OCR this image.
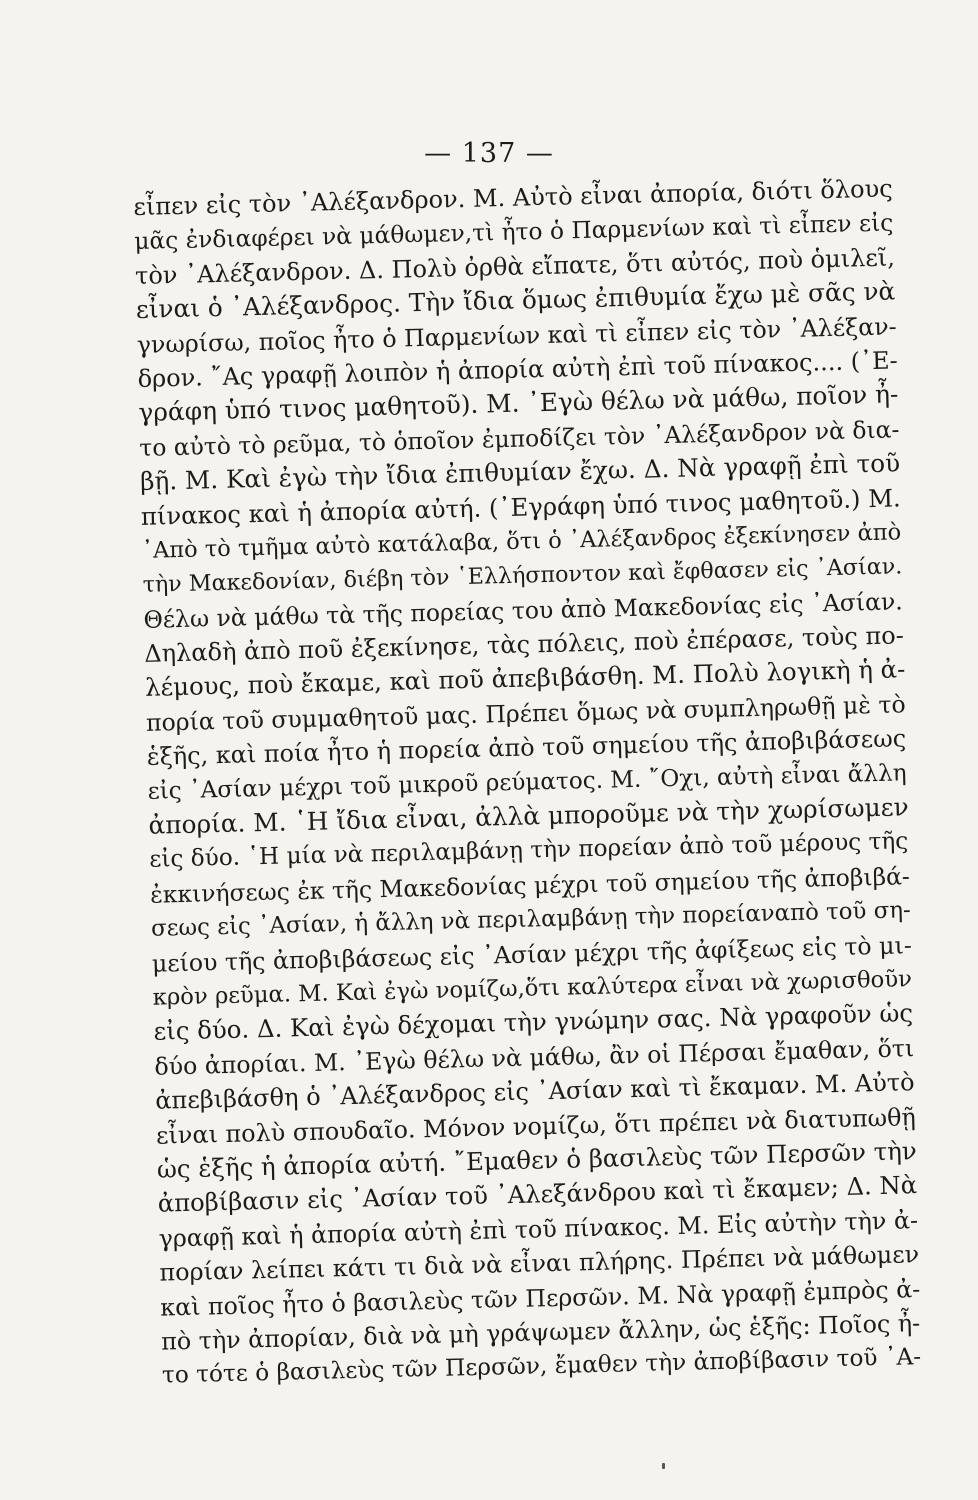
— 137 —
εἶπεν εἰς τὸν ᾿Αλέξανδρον. Μ. Αὐτὸ εἶναι ἀπορία, διότι ὅλους
μᾶς ἐνδιαφέρει νὰ μάθωμεν,τὶ ἦτο ὁ Παρμενίων καὶ τὶ εἶπεν εἰς
τὸν ᾿Αλέξανδρον. Δ. Πολὺ ὀρθὰ εἴπατε, ὅτι αὐτός, ποὺ ὁμιλεῖ,
εἶναι ὁ ᾿Αλέξανδρος. Τὴν ἴδια ὅμως ἐπιθυμία ἔχω μὲ σᾶς νὰ
γνωρίσω, ποῖος ἦτο ὁ Παρμενίων καὶ τὶ εἶπεν εἰς τὸν ᾿Αλέξαν-
δρον. ῎Ας γραφῇ λοιπὸν ἡ ἀπορία αὐτὴ ἐπὶ τοῦ πίνακος.... (᾿Ε-
γράφη ὑπό τινος μαθητοῦ). Μ. ᾿Εγὼ θέλω νὰ μάθω, ποῖον ἦ-
το αὐτὸ τὸ ρεῦμα, τὸ ὁποῖον ἐμποδίζει τὸν ᾿Αλέξανδρον νὰ δια-
βῇ. Μ. Καὶ ἐγὼ τὴν ἴδια ἐπιθυμίαν ἔχω. Δ. Νὰ γραφῇ ἐπὶ τοῦ
πίνακος καὶ ἡ ἀπορία αὐτή. (᾿Εγράφη ὑπό τινος μαθητοῦ.) Μ.
᾿Απὸ τὸ τμῆμα αὐτὸ κατάλαβα, ὅτι ὁ ᾿Αλέξανδρος ἐξεκίνησεν ἀπὸ
τὴν Μακεδονίαν, διέβη τὸν ῾Ελλήσποντον καὶ ἔφθασεν εἰς ᾿Ασίαν.
Θέλω νὰ μάθω τὰ τῆς πορείας του ἀπὸ Μακεδονίας εἰς ᾿Ασίαν.
Δηλαδὴ ἀπὸ ποῦ ἐξεκίνησε, τὰς πόλεις, ποὺ ἐπέρασε, τοὺς πο-
λέμους, ποὺ ἔκαμε, καὶ ποῦ ἀπεβιβάσθη. Μ. Πολὺ λογικὴ ἡ ἀ-
πορία τοῦ συμμαθητοῦ μας. Πρέπει ὅμως νὰ συμπληρωθῇ μὲ τὸ
ἑξῆς, καὶ ποία ἦτο ἡ πορεία ἀπὸ τοῦ σημείου τῆς ἀποβιβάσεως
εἰς ᾿Ασίαν μέχρι τοῦ μικροῦ ρεύματος. Μ. ῎Οχι, αὐτὴ εἶναι ἄλλη
ἀπορία. Μ. ῾Η ἴδια εἶναι, ἀλλὰ μποροῦμε νὰ τὴν χωρίσωμεν
εἰς δύο. ῾Η μία νὰ περιλαμβάνῃ τὴν πορείαν ἀπὸ τοῦ μέρους τῆς
ἐκκινήσεως ἐκ τῆς Μακεδονίας μέχρι τοῦ σημείου τῆς ἀποβιβά-
σεως εἰς ᾿Ασίαν, ἡ ἄλλη νὰ περιλαμβάνῃ τὴν πορείαναπὸ τοῦ ση-
μείου τῆς ἀποβιβάσεως εἰς ᾿Ασίαν μέχρι τῆς ἀφίξεως εἰς τὸ μι-
κρὸν ρεῦμα. Μ. Καὶ ἐγὼ νομίζω,ὅτι καλύτερα εἶναι νὰ χωρισθοῦν
εἰς δύο. Δ. Καὶ ἐγὼ δέχομαι τὴν γνώμην σας. Νὰ γραφοῦν ὡς
δύο ἀπορίαι. Μ. ᾿Εγὼ θέλω νὰ μάθω, ἂν οἱ Πέρσαι ἔμαθαν, ὅτι
ἀπεβιβάσθη ὁ ᾿Αλέξανδρος εἰς ᾿Ασίαν καὶ τὶ ἔκαμαν. Μ. Αὐτὸ
εἶναι πολὺ σπουδαῖο. Μόνον νομίζω, ὅτι πρέπει νὰ διατυπωθῇ
ὡς ἑξῆς ἡ ἀπορία αὐτή. ῎Εμαθεν ὁ βασιλεὺς τῶν Περσῶν τὴν
ἀποβίβασιν εἰς ᾿Ασίαν τοῦ ᾿Αλεξάνδρου καὶ τὶ ἔκαμεν; Δ. Νὰ
γραφῇ καὶ ἡ ἀπορία αὐτὴ ἐπὶ τοῦ πίνακος. Μ. Εἰς αὐτὴν τὴν ἀ-
πορίαν λείπει κάτι τι διὰ νὰ εἶναι πλήρης. Πρέπει νὰ μάθωμεν
καὶ ποῖος ἦτο ὁ βασιλεὺς τῶν Περσῶν. Μ. Νὰ γραφῇ ἐμπρὸς ἀ-
πὸ τὴν ἀπορίαν, διὰ νὰ μὴ γράψωμεν ἄλλην, ὡς ἑξῆς: Ποῖος ἦ-
το τότε ὁ βασιλεὺς τῶν Περσῶν, ἔμαθεν τὴν ἀποβίβασιν τοῦ ᾿Α-
